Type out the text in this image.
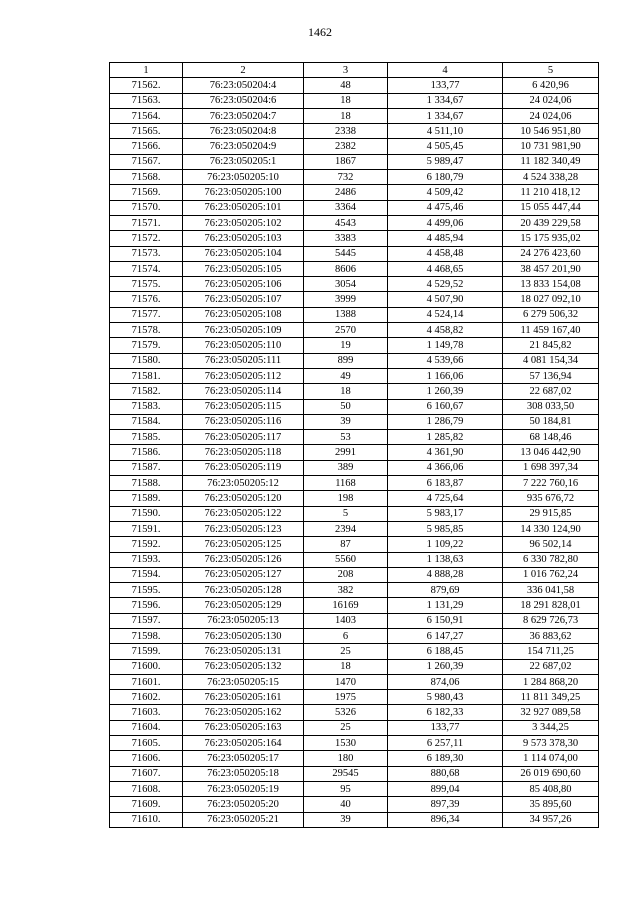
1462
1	2	3	4	5
71562.	76:23:050204:4	48	133,77	6 420,96
71563.	76:23:050204:6	18	1 334,67	24 024,06
71564.	76:23:050204:7	18	1 334,67	24 024,06
71565.	76:23:050204:8	2338	4 511,10	10 546 951,80
71566.	76:23:050204:9	2382	4 505,45	10 731 981,90
71567.	76:23:050205:1	1867	5 989,47	11 182 340,49
71568.	76:23:050205:10	732	6 180,79	4 524 338,28
71569.	76:23:050205:100	2486	4 509,42	11 210 418,12
71570.	76:23:050205:101	3364	4 475,46	15 055 447,44
71571.	76:23:050205:102	4543	4 499,06	20 439 229,58
71572.	76:23:050205:103	3383	4 485,94	15 175 935,02
71573.	76:23:050205:104	5445	4 458,48	24 276 423,60
71574.	76:23:050205:105	8606	4 468,65	38 457 201,90
71575.	76:23:050205:106	3054	4 529,52	13 833 154,08
71576.	76:23:050205:107	3999	4 507,90	18 027 092,10
71577.	76:23:050205:108	1388	4 524,14	6 279 506,32
71578.	76:23:050205:109	2570	4 458,82	11 459 167,40
71579.	76:23:050205:110	19	1 149,78	21 845,82
71580.	76:23:050205:111	899	4 539,66	4 081 154,34
71581.	76:23:050205:112	49	1 166,06	57 136,94
71582.	76:23:050205:114	18	1 260,39	22 687,02
71583.	76:23:050205:115	50	6 160,67	308 033,50
71584.	76:23:050205:116	39	1 286,79	50 184,81
71585.	76:23:050205:117	53	1 285,82	68 148,46
71586.	76:23:050205:118	2991	4 361,90	13 046 442,90
71587.	76:23:050205:119	389	4 366,06	1 698 397,34
71588.	76:23:050205:12	1168	6 183,87	7 222 760,16
71589.	76:23:050205:120	198	4 725,64	935 676,72
71590.	76:23:050205:122	5	5 983,17	29 915,85
71591.	76:23:050205:123	2394	5 985,85	14 330 124,90
71592.	76:23:050205:125	87	1 109,22	96 502,14
71593.	76:23:050205:126	5560	1 138,63	6 330 782,80
71594.	76:23:050205:127	208	4 888,28	1 016 762,24
71595.	76:23:050205:128	382	879,69	336 041,58
71596.	76:23:050205:129	16169	1 131,29	18 291 828,01
71597.	76:23:050205:13	1403	6 150,91	8 629 726,73
71598.	76:23:050205:130	6	6 147,27	36 883,62
71599.	76:23:050205:131	25	6 188,45	154 711,25
71600.	76:23:050205:132	18	1 260,39	22 687,02
71601.	76:23:050205:15	1470	874,06	1 284 868,20
71602.	76:23:050205:161	1975	5 980,43	11 811 349,25
71603.	76:23:050205:162	5326	6 182,33	32 927 089,58
71604.	76:23:050205:163	25	133,77	3 344,25
71605.	76:23:050205:164	1530	6 257,11	9 573 378,30
71606.	76:23:050205:17	180	6 189,30	1 114 074,00
71607.	76:23:050205:18	29545	880,68	26 019 690,60
71608.	76:23:050205:19	95	899,04	85 408,80
71609.	76:23:050205:20	40	897,39	35 895,60
71610.	76:23:050205:21	39	896,34	34 957,26
